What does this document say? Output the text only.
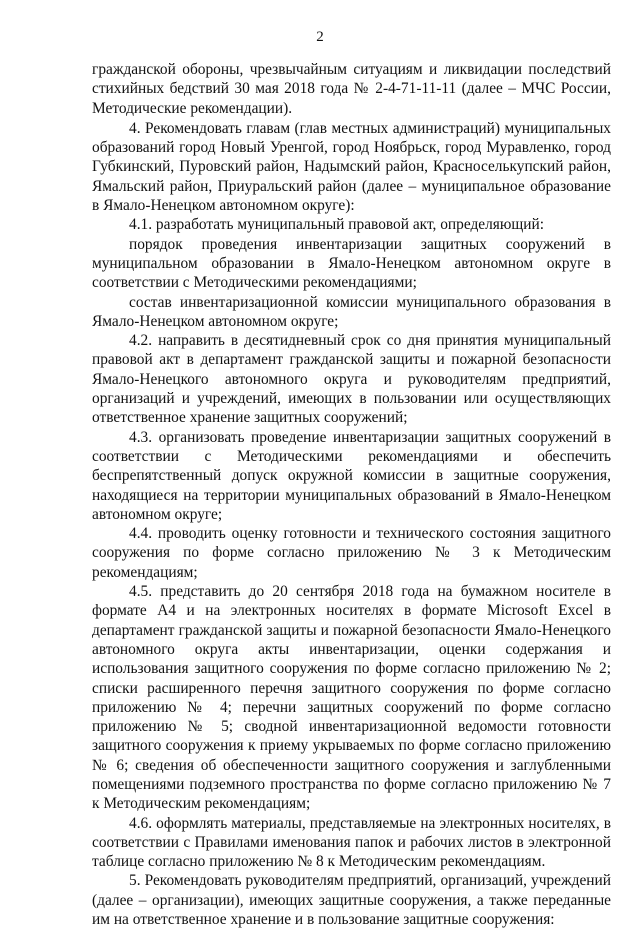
2

гражданской обороны, чрезвычайным ситуациям и ликвидации последствий стихийных бедствий 30 мая 2018 года № 2-4-71-11-11 (далее – МЧС России, Методические рекомендации).

4. Рекомендовать главам (глав местных администраций) муниципальных образований город Новый Уренгой, город Ноябрьск, город Муравленко, город Губкинский, Пуровский район, Надымский район, Красноселькупский район, Ямальский район, Приуральский район (далее – муниципальное образование в Ямало-Ненецком автономном округе):

4.1. разработать муниципальный правовой акт, определяющий:

порядок проведения инвентаризации защитных сооружений в муниципальном образовании в Ямало-Ненецком автономном округе в соответствии с Методическими рекомендациями;

состав инвентаризационной комиссии муниципального образования в Ямало-Ненецком автономном округе;

4.2. направить в десятидневный срок со дня принятия муниципальный правовой акт в департамент гражданской защиты и пожарной безопасности Ямало-Ненецкого автономного округа и руководителям предприятий, организаций и учреждений, имеющих в пользовании или осуществляющих ответственное хранение защитных сооружений;

4.3. организовать проведение инвентаризации защитных сооружений в соответствии с Методическими рекомендациями и обеспечить беспрепятственный допуск окружной комиссии в защитные сооружения, находящиеся на территории муниципальных образований в Ямало-Ненецком автономном округе;

4.4. проводить оценку готовности и технического состояния защитного сооружения по форме согласно приложению № 3 к Методическим рекомендациям;

4.5. представить до 20 сентября 2018 года на бумажном носителе в формате А4 и на электронных носителях в формате Microsoft Excel в департамент гражданской защиты и пожарной безопасности Ямало-Ненецкого автономного округа акты инвентаризации, оценки содержания и использования защитного сооружения по форме согласно приложению № 2; списки расширенного перечня защитного сооружения по форме согласно приложению № 4; перечни защитных сооружений по форме согласно приложению № 5; сводной инвентаризационной ведомости готовности защитного сооружения к приему укрываемых по форме согласно приложению № 6; сведения об обеспеченности защитного сооружения и заглубленными помещениями подземного пространства по форме согласно приложению № 7 к Методическим рекомендациям;

4.6. оформлять материалы, представляемые на электронных носителях, в соответствии с Правилами именования папок и рабочих листов в электронной таблице согласно приложению № 8 к Методическим рекомендациям.

5. Рекомендовать руководителям предприятий, организаций, учреждений (далее – организации), имеющих защитные сооружения, а также переданные им на ответственное хранение и в пользование защитные сооружения:
